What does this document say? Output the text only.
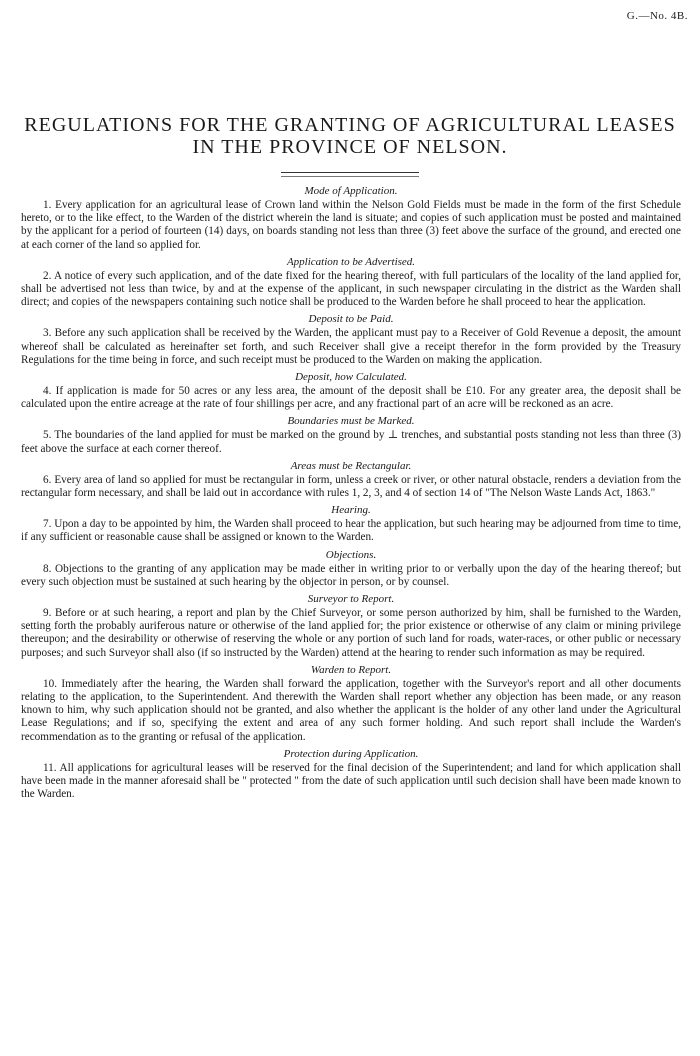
G.—No. 4B.
REGULATIONS FOR THE GRANTING OF AGRICULTURAL LEASES
IN THE PROVINCE OF NELSON.
Mode of Application.

1. Every application for an agricultural lease of Crown land within the Nelson Gold Fields must be made in the form of the first Schedule hereto, or to the like effect, to the Warden of the district wherein the land is situate; and copies of such application must be posted and maintained by the applicant for a period of fourteen (14) days, on boards standing not less than three (3) feet above the surface of the ground, and erected one at each corner of the land so applied for.

Application to be Advertised.

2. A notice of every such application, and of the date fixed for the hearing thereof, with full particulars of the locality of the land applied for, shall be advertised not less than twice, by and at the expense of the applicant, in such newspaper circulating in the district as the Warden shall direct; and copies of the newspapers containing such notice shall be produced to the Warden before he shall proceed to hear the application.

Deposit to be Paid.

3. Before any such application shall be received by the Warden, the applicant must pay to a Receiver of Gold Revenue a deposit, the amount whereof shall be calculated as hereinafter set forth, and such Receiver shall give a receipt therefor in the form provided by the Treasury Regulations for the time being in force, and such receipt must be produced to the Warden on making the application.

Deposit, how Calculated.

4. If application is made for 50 acres or any less area, the amount of the deposit shall be £10. For any greater area, the deposit shall be calculated upon the entire acreage at the rate of four shillings per acre, and any fractional part of an acre will be reckoned as an acre.

Boundaries must be Marked.

5. The boundaries of the land applied for must be marked on the ground by ⊥ trenches, and substantial posts standing not less than three (3) feet above the surface at each corner thereof.

Areas must be Rectangular.

6. Every area of land so applied for must be rectangular in form, unless a creek or river, or other natural obstacle, renders a deviation from the rectangular form necessary, and shall be laid out in accordance with rules 1, 2, 3, and 4 of section 14 of "The Nelson Waste Lands Act, 1863."

Hearing.

7. Upon a day to be appointed by him, the Warden shall proceed to hear the application, but such hearing may be adjourned from time to time, if any sufficient or reasonable cause shall be assigned or known to the Warden.

Objections.

8. Objections to the granting of any application may be made either in writing prior to or verbally upon the day of the hearing thereof; but every such objection must be sustained at such hearing by the objector in person, or by counsel.

Surveyor to Report.

9. Before or at such hearing, a report and plan by the Chief Surveyor, or some person authorized by him, shall be furnished to the Warden, setting forth the probably auriferous nature or otherwise of the land applied for; the prior existence or otherwise of any claim or mining privilege thereupon; and the desirability or otherwise of reserving the whole or any portion of such land for roads, water-races, or other public or necessary purposes; and such Surveyor shall also (if so instructed by the Warden) attend at the hearing to render such information as may be required.

Warden to Report.

10. Immediately after the hearing, the Warden shall forward the application, together with the Surveyor's report and all other documents relating to the application, to the Superintendent. And therewith the Warden shall report whether any objection has been made, or any reason known to him, why such application should not be granted, and also whether the applicant is the holder of any other land under the Agricultural Lease Regulations; and if so, specifying the extent and area of any such former holding. And such report shall include the Warden's recommendation as to the granting or refusal of the application.

Protection during Application.

11. All applications for agricultural leases will be reserved for the final decision of the Superintendent; and land for which application shall have been made in the manner aforesaid shall be " protected " from the date of such application until such decision shall have been made known to the Warden.
